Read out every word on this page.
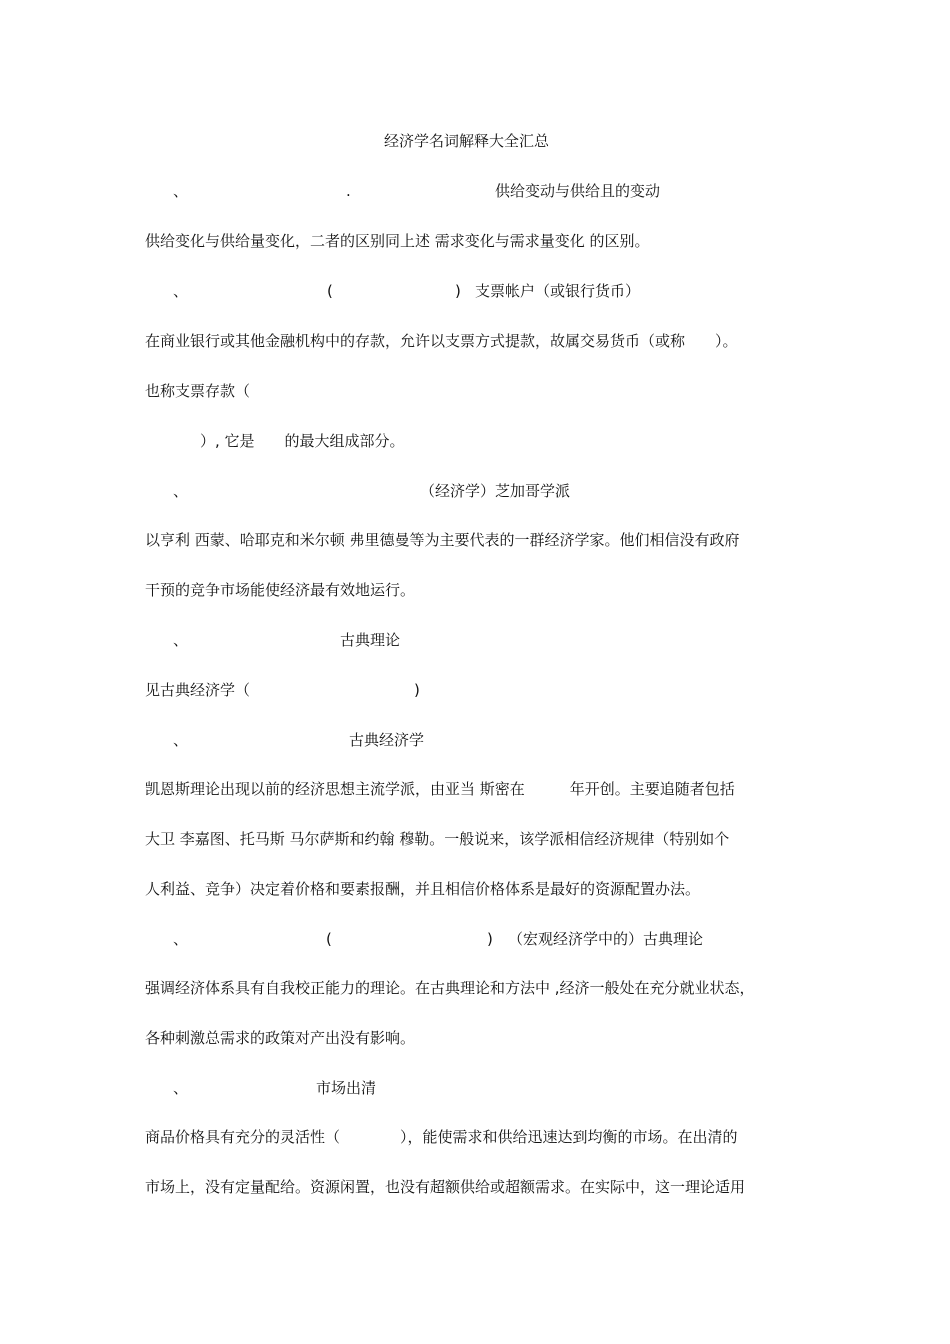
经济学名词解释大全汇总
、	.	供给变动与供给且的变动
供给变化与供给量变化，二者的区别同上述 需求变化与需求量变化 的区别。
、	(	) 支票帐户（或银行货币）
在商业银行或其他金融机构中的存款，允许以支票方式提款，故属交易货币（或称　　）。
也称支票存款（
）, 它是　　的最大组成部分。
、	（经济学）芝加哥学派
以亨利 西蒙、哈耶克和米尔顿 弗里德曼等为主要代表的一群经济学家。他们相信没有政府
干预的竞争市场能使经济最有效地运行。
、	古典理论
见古典经济学（	)
、	古典经济学
凯恩斯理论出现以前的经济思想主流学派，由亚当 斯密在　　　年开创。主要追随者包括
大卫 李嘉图、托马斯 马尔萨斯和约翰 穆勒。一般说来，该学派相信经济规律（特别如个
人利益、竞争）决定着价格和要素报酬，并且相信价格体系是最好的资源配置办法。
、	(	) （宏观经济学中的）古典理论
强调经济体系具有自我校正能力的理论。在古典理论和方法中 ,经济一般处在充分就业状态，
各种刺激总需求的政策对产出没有影响。
、	市场出清
商品价格具有充分的灵活性（　　　　），能使需求和供给迅速达到均衡的市场。在出清的
市场上，没有定量配给。资源闲置，也没有超额供给或超额需求。在实际中，这一理论适用
